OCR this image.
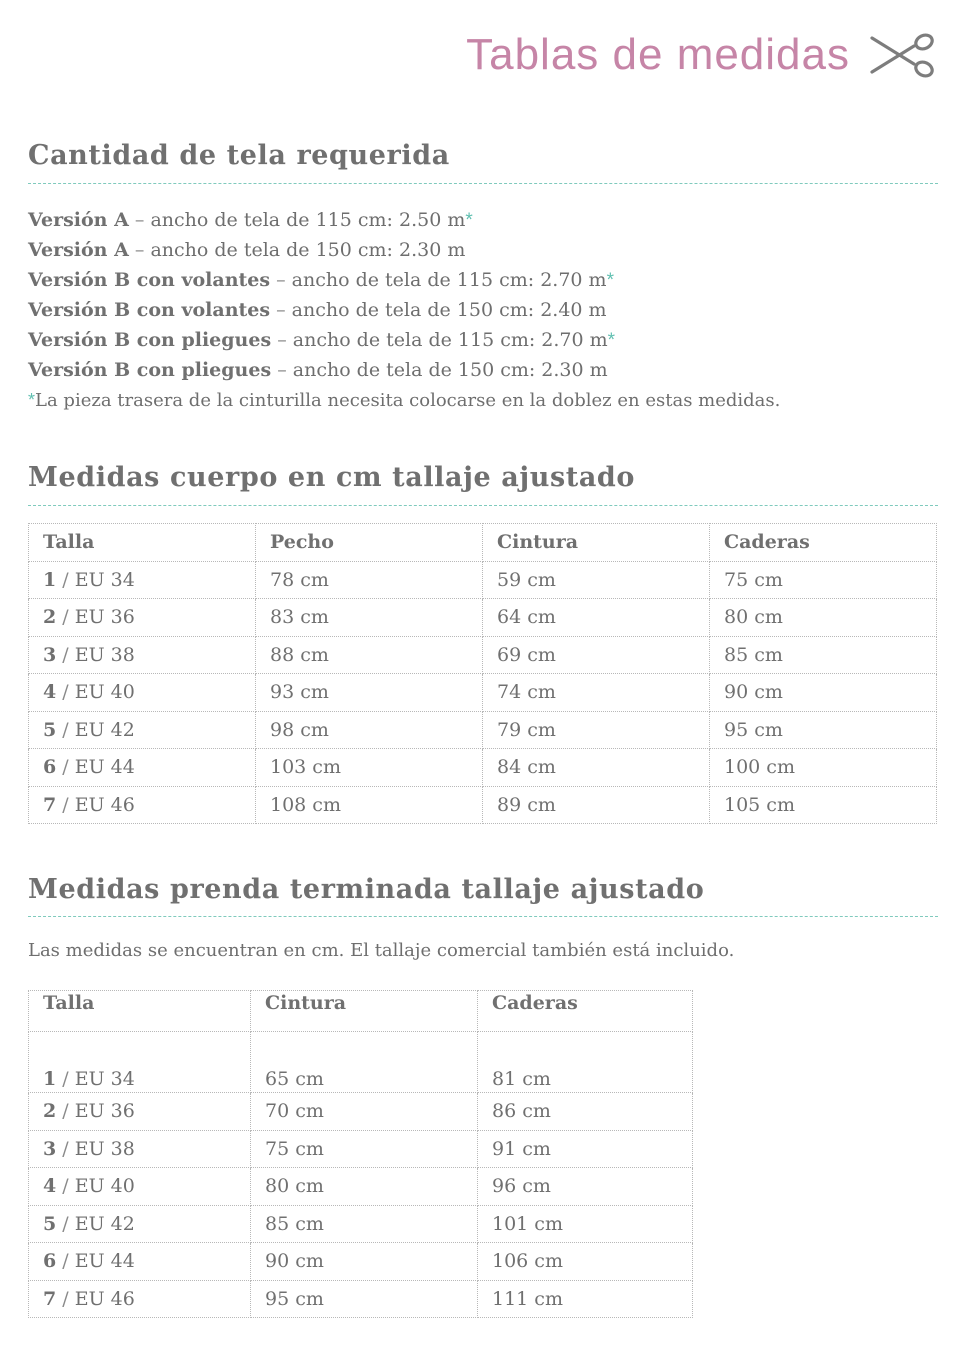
Tablas de medidas
Cantidad de tela requerida
Versión A – ancho de tela de 115 cm: 2.50 m*
Versión A – ancho de tela de 150 cm: 2.30 m
Versión B con volantes – ancho de tela de 115 cm: 2.70 m*
Versión B con volantes – ancho de tela de 150 cm: 2.40 m
Versión B con pliegues – ancho de tela de 115 cm: 2.70 m*
Versión B con pliegues – ancho de tela de 150 cm: 2.30 m
*La pieza trasera de la cinturilla necesita colocarse en la doblez en estas medidas.
Medidas cuerpo en cm tallaje ajustado
Talla	Pecho	Cintura	Caderas
1 / EU 34	78 cm	59 cm	75 cm
2 / EU 36	83 cm	64 cm	80 cm
3 / EU 38	88 cm	69 cm	85 cm
4 / EU 40	93 cm	74 cm	90 cm
5 / EU 42	98 cm	79 cm	95 cm
6 / EU 44	103 cm	84 cm	100 cm
7 / EU 46	108 cm	89 cm	105 cm
Medidas prenda terminada tallaje ajustado
Las medidas se encuentran en cm. El tallaje comercial también está incluido.
Talla	Cintura	Caderas
1 / EU 34	65 cm	81 cm
2 / EU 36	70 cm	86 cm
3 / EU 38	75 cm	91 cm
4 / EU 40	80 cm	96 cm
5 / EU 42	85 cm	101 cm
6 / EU 44	90 cm	106 cm
7 / EU 46	95 cm	111 cm
